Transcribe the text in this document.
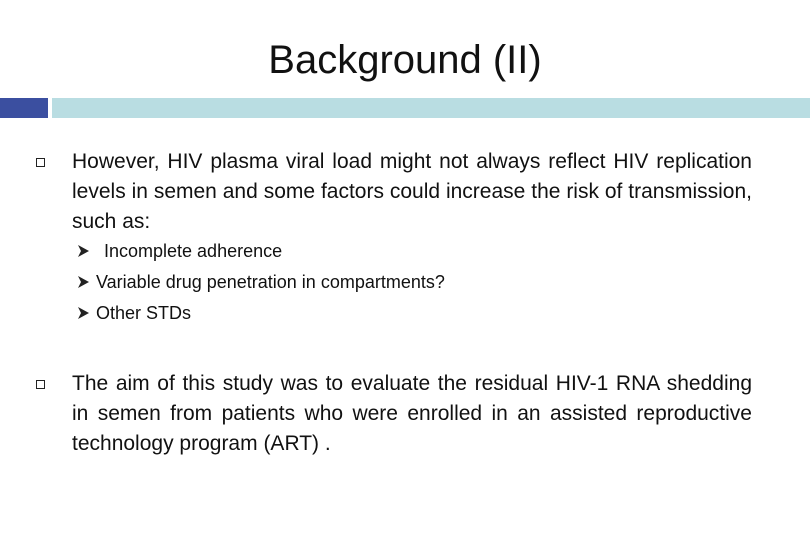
Background (II)
However, HIV plasma viral load might not always reflect HIV replication levels in semen and some factors could increase the risk of transmission, such as:
Incomplete adherence
Variable drug penetration in compartments?
Other STDs
The aim of this study was to evaluate the residual HIV-1 RNA shedding in semen from patients who were enrolled in an assisted reproductive technology program (ART) .
